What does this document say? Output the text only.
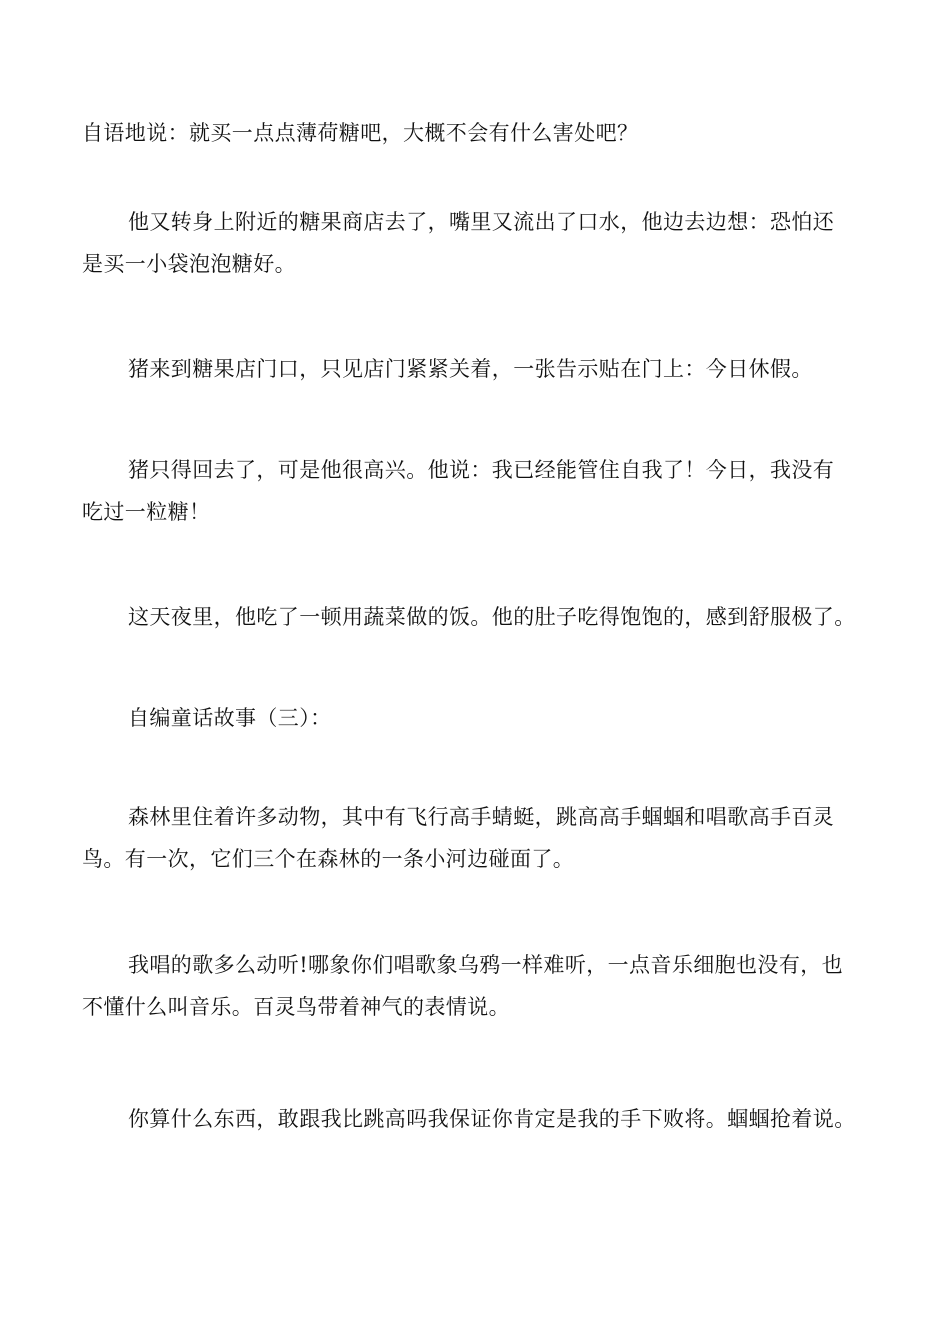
自语地说：就买一点点薄荷糖吧，大概不会有什么害处吧？

他又转身上附近的糖果商店去了，嘴里又流出了口水，他边去边想：恐怕还
是买一小袋泡泡糖好。

猪来到糖果店门口，只见店门紧紧关着，一张告示贴在门上：今日休假。

猪只得回去了，可是他很高兴。他说：我已经能管住自我了！今日，我没有
吃过一粒糖！

这天夜里，他吃了一顿用蔬菜做的饭。他的肚子吃得饱饱的，感到舒服极了。

自编童话故事（三）：

森林里住着许多动物，其中有飞行高手蜻蜓，跳高高手蝈蝈和唱歌高手百灵
鸟。有一次，它们三个在森林的一条小河边碰面了。

我唱的歌多么动听!哪象你们唱歌象乌鸦一样难听，一点音乐细胞也没有，也
不懂什么叫音乐。百灵鸟带着神气的表情说。

你算什么东西，敢跟我比跳高吗我保证你肯定是我的手下败将。蝈蝈抢着说。
